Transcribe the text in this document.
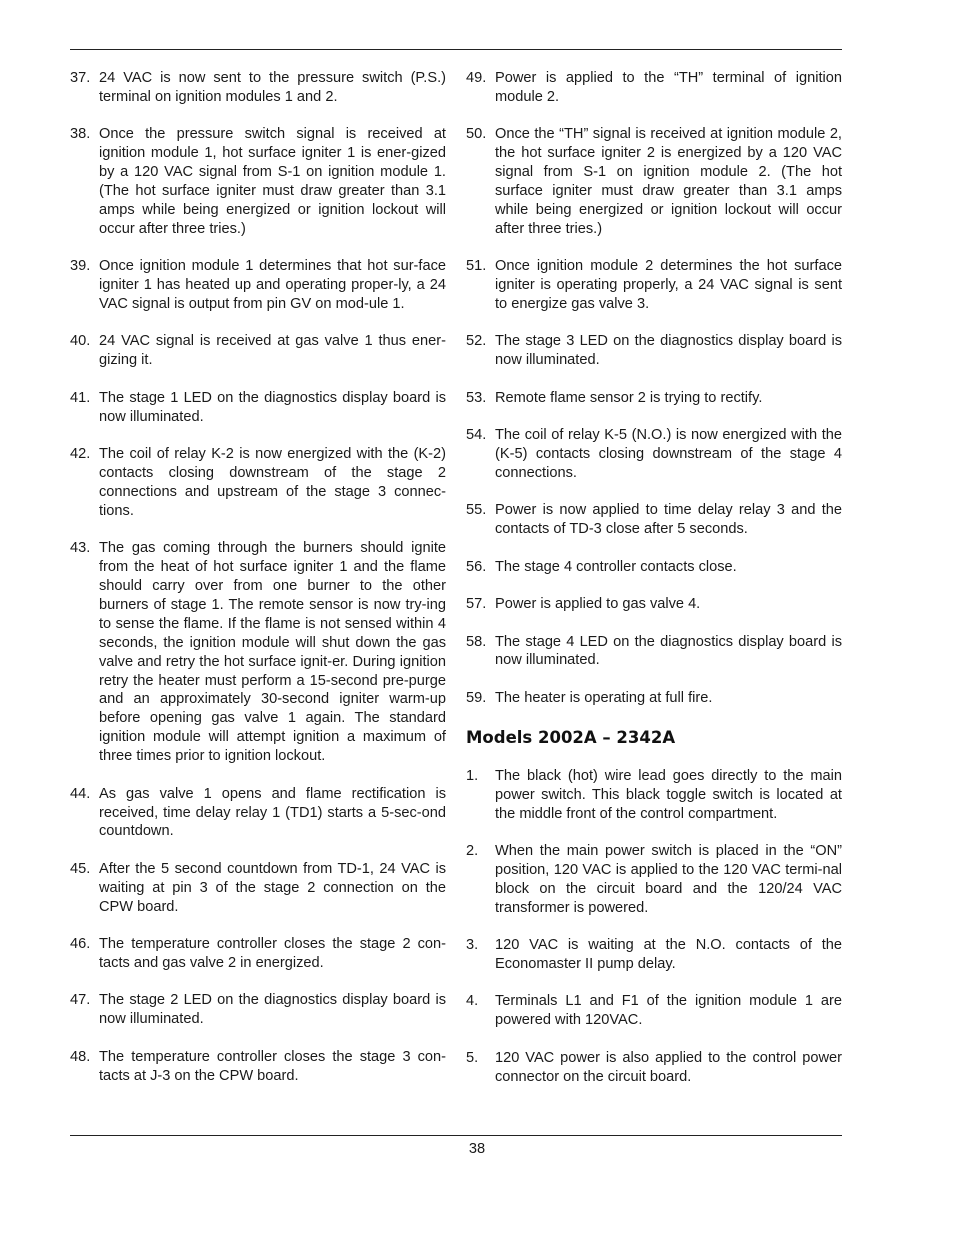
37. 24 VAC is now sent to the pressure switch (P.S.) terminal on ignition modules 1 and 2.
38. Once the pressure switch signal is received at ignition module 1, hot surface igniter 1 is ener-gized by a 120 VAC signal from S-1 on ignition module 1. (The hot surface igniter must draw greater than 3.1 amps while being energized or ignition lockout will occur after three tries.)
39. Once ignition module 1 determines that hot sur-face igniter 1 has heated up and operating proper-ly, a 24 VAC signal is output from pin GV on mod-ule 1.
40. 24 VAC signal is received at gas valve 1 thus ener-gizing it.
41. The stage 1 LED on the diagnostics display board is now illuminated.
42. The coil of relay K-2 is now energized with the (K-2) contacts closing downstream of the stage 2 connections and upstream of the stage 3 connec-tions.
43. The gas coming through the burners should ignite from the heat of hot surface igniter 1 and the flame should carry over from one burner to the other burners of stage 1. The remote sensor is now try-ing to sense the flame. If the flame is not sensed within 4 seconds, the ignition module will shut down the gas valve and retry the hot surface ignit-er. During ignition retry the heater must perform a 15-second pre-purge and an approximately 30-second igniter warm-up before opening gas valve 1 again. The standard ignition module will attempt ignition a maximum of three times prior to ignition lockout.
44. As gas valve 1 opens and flame rectification is received, time delay relay 1 (TD1) starts a 5-sec-ond countdown.
45. After the 5 second countdown from TD-1, 24 VAC is waiting at pin 3 of the stage 2 connection on the CPW board.
46. The temperature controller closes the stage 2 con-tacts and gas valve 2 in energized.
47. The stage 2 LED on the diagnostics display board is now illuminated.
48. The temperature controller closes the stage 3 con-tacts at J-3 on the CPW board.
49. Power is applied to the “TH” terminal of ignition module 2.
50. Once the “TH” signal is received at ignition module 2, the hot surface igniter 2 is energized by a 120 VAC signal from S-1 on ignition module 2. (The hot surface igniter must draw greater than 3.1 amps while being energized or ignition lockout will occur after three tries.)
51. Once ignition module 2 determines the hot surface igniter is operating properly, a 24 VAC signal is sent to energize gas valve 3.
52. The stage 3 LED on the diagnostics display board is now illuminated.
53. Remote flame sensor 2 is trying to rectify.
54. The coil of relay K-5 (N.O.) is now energized with the (K-5) contacts closing downstream of the stage 4 connections.
55. Power is now applied to time delay relay 3 and the contacts of TD-3 close after 5 seconds.
56. The stage 4 controller contacts close.
57. Power is applied to gas valve 4.
58. The stage 4 LED on the diagnostics display board is now illuminated.
59. The heater is operating at full fire.
Models 2002A – 2342A
1. The black (hot) wire lead goes directly to the main power switch. This black toggle switch is located at the middle front of the control compartment.
2. When the main power switch is placed in the “ON” position, 120 VAC is applied to the 120 VAC termi-nal block on the circuit board and the 120/24 VAC transformer is powered.
3. 120 VAC is waiting at the N.O. contacts of the Economaster II pump delay.
4. Terminals L1 and F1 of the ignition module 1 are powered with 120VAC.
5. 120 VAC power is also applied to the control power connector on the circuit board.
38
